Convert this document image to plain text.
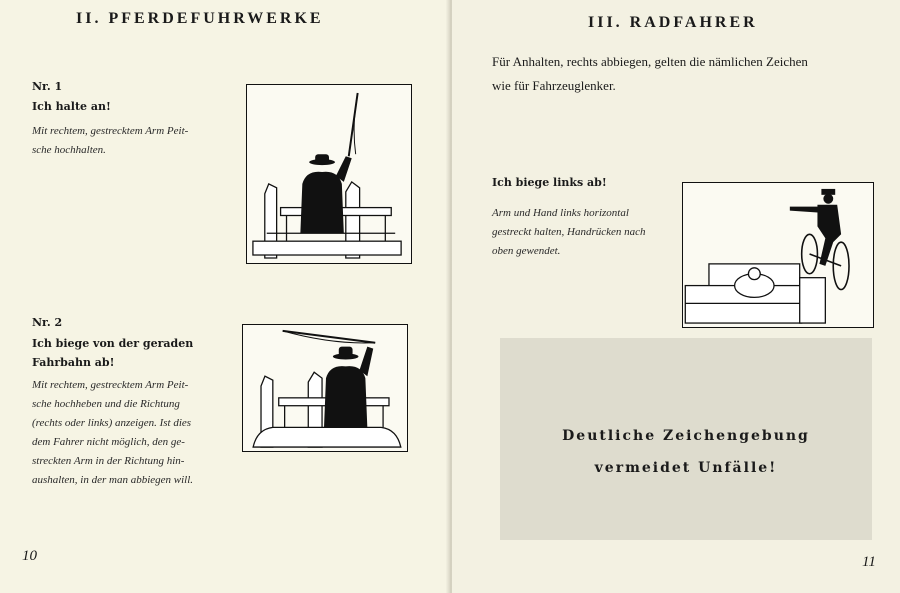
II. PFERDEFUHRWERKE
Nr. 1
Ich halte an!
Mit rechtem, gestrecktem Arm Peit-
sche hochhalten.
Nr. 2
Ich biege von der geraden
Fahrbahn ab!
Mit rechtem, gestrecktem Arm Peit-
sche hochheben und die Richtung
(rechts oder links) anzeigen. Ist dies
dem Fahrer nicht möglich, den ge-
streckten Arm in der Richtung hin-
aushalten, in der man abbiegen will.
10
III. RADFAHRER
Für Anhalten, rechts abbiegen, gelten die nämlichen Zeichen
wie für Fahrzeuglenker.
Ich biege links ab!
Arm und Hand links horizontal
gestreckt halten, Handrücken nach
oben gewendet.
Deutliche Zeichengebung
vermeidet Unfälle!
11
